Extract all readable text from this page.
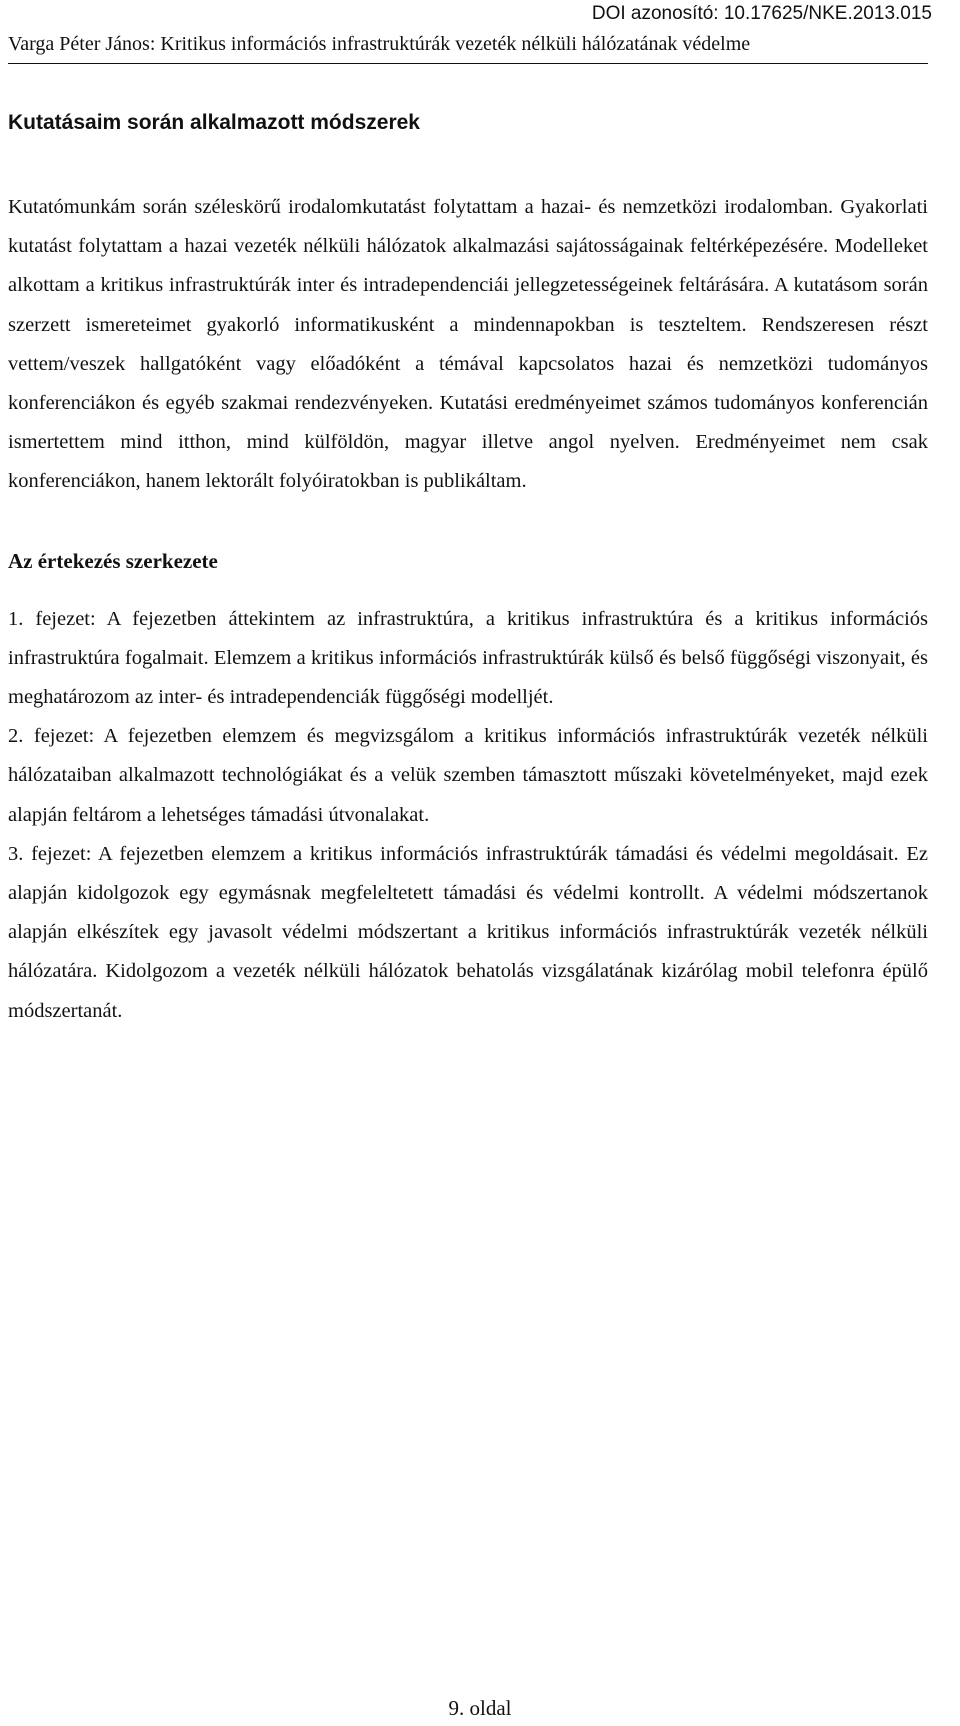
DOI azonosító: 10.17625/NKE.2013.015
Varga Péter János: Kritikus információs infrastruktúrák vezeték nélküli hálózatának védelme
Kutatásaim során alkalmazott módszerek

Kutatómunkám során széleskörű irodalomkutatást folytattam a hazai- és nemzetközi irodalomban. Gyakorlati kutatást folytattam a hazai vezeték nélküli hálózatok alkalmazási sajátosságainak feltérképezésére. Modelleket alkottam a kritikus infrastruktúrák inter és intradependenciái jellegzetességeinek feltárására. A kutatásom során szerzett ismereteimet gyakorló informatikusként a mindennapokban is teszteltem. Rendszeresen részt vettem/veszek hallgatóként vagy előadóként a témával kapcsolatos hazai és nemzetközi tudományos konferenciákon és egyéb szakmai rendezvényeken. Kutatási eredményeimet számos tudományos konferencián ismertettem mind itthon, mind külföldön, magyar illetve angol nyelven. Eredményeimet nem csak konferenciákon, hanem lektorált folyóiratokban is publikáltam.

Az értekezés szerkezete

1. fejezet: A fejezetben áttekintem az infrastruktúra, a kritikus infrastruktúra és a kritikus információs infrastruktúra fogalmait. Elemzem a kritikus információs infrastruktúrák külső és belső függőségi viszonyait, és meghatározom az inter- és intradependenciák függőségi modelljét.

2. fejezet: A fejezetben elemzem és megvizsgálom a kritikus információs infrastruktúrák vezeték nélküli hálózataiban alkalmazott technológiákat és a velük szemben támasztott műszaki követelményeket, majd ezek alapján feltárom a lehetséges támadási útvonalakat.

3. fejezet: A fejezetben elemzem a kritikus információs infrastruktúrák támadási és védelmi megoldásait. Ez alapján kidolgozok egy egymásnak megfeleltetett támadási és védelmi kontrollt. A védelmi módszertanok alapján elkészítek egy javasolt védelmi módszertant a kritikus információs infrastruktúrák vezeték nélküli hálózatára. Kidolgozom a vezeték nélküli hálózatok behatolás vizsgálatának kizárólag mobil telefonra épülő módszertanát.

9. oldal
